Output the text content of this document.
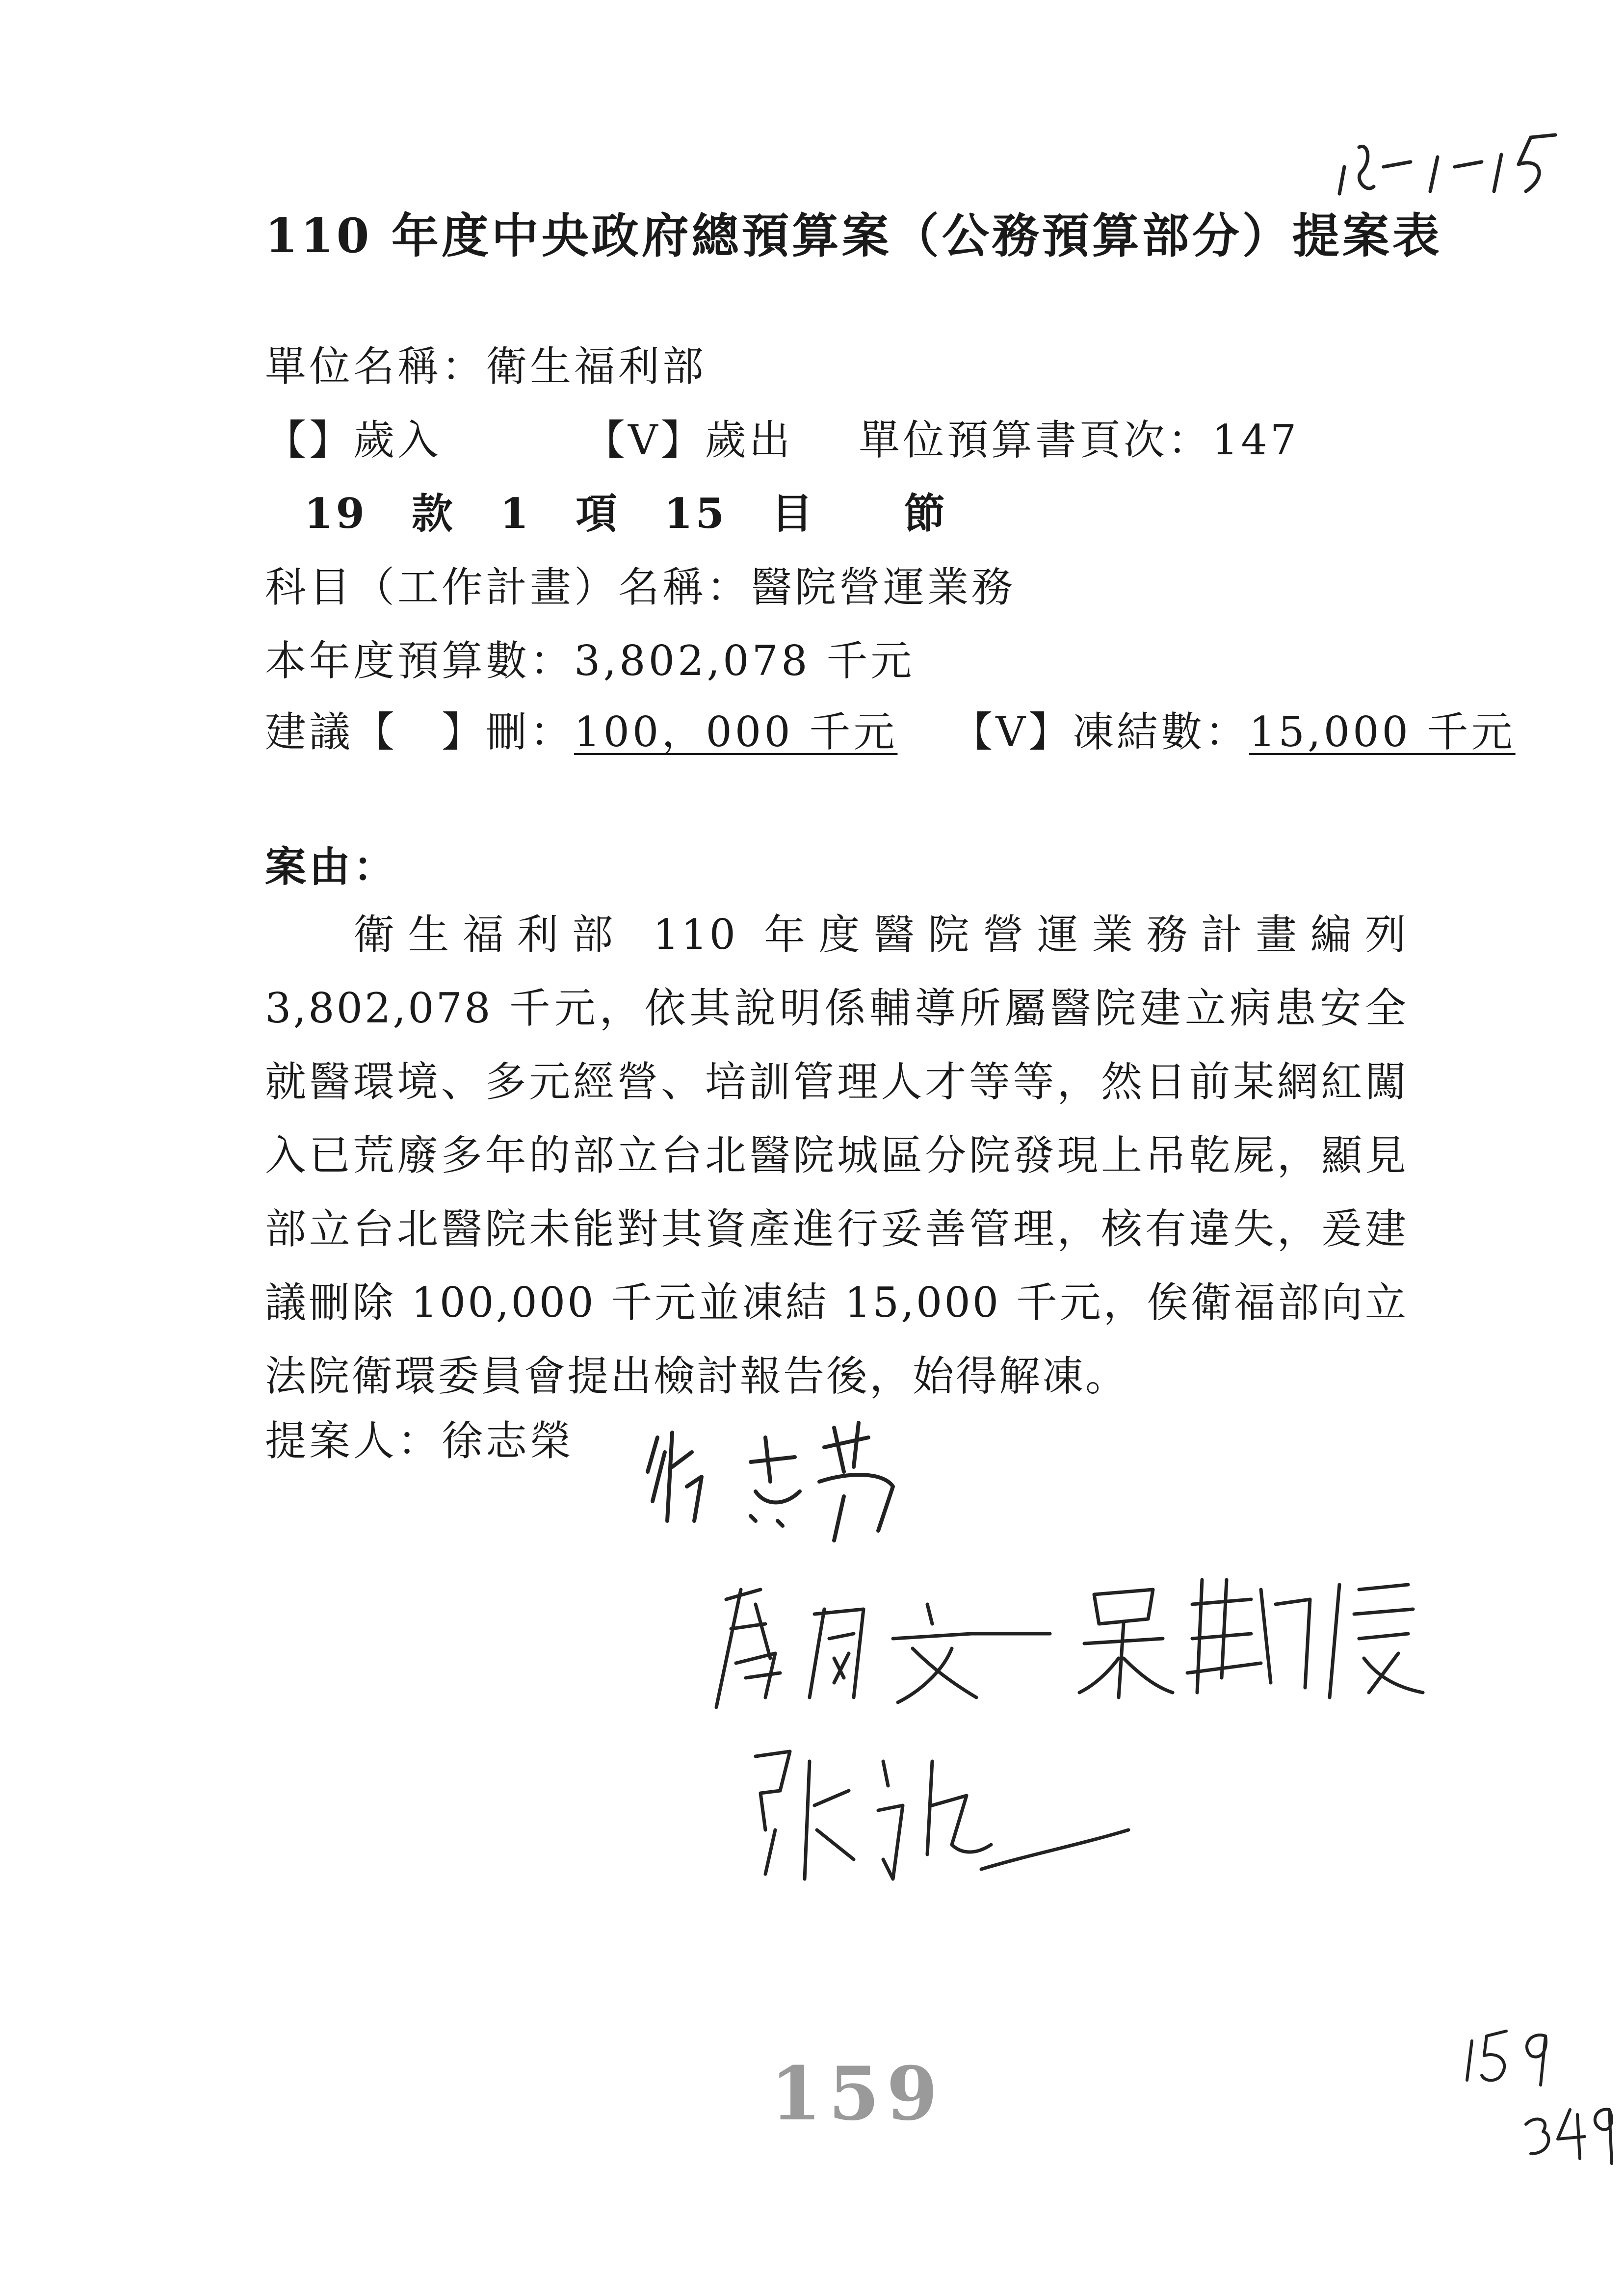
110 年度中央政府總預算案（公務預算部分）提案表
單位名稱：衛生福利部
【】歲入	【V】歲出 單位預算書頁次：147
19　款　1　項　15　目　　節
科目（工作計畫）名稱：醫院營運業務
本年度預算數：3,802,078 千元
建議【　】刪：100，000 千元 【V】凍結數：15,000 千元
案由：
衛生福利部 110 年度醫院營運業務計畫編列 3,802,078 千元，依其說明係輔導所屬醫院建立病患安全就醫環境、多元經營、培訓管理人才等等，然日前某網紅闖入已荒廢多年的部立台北醫院城區分院發現上吊乾屍，顯見部立台北醫院未能對其資產進行妥善管理，核有違失，爰建議刪除 100,000 千元並凍結 15,000 千元，俟衛福部向立法院衛環委員會提出檢討報告後，始得解凍。
提案人：徐志榮
159
